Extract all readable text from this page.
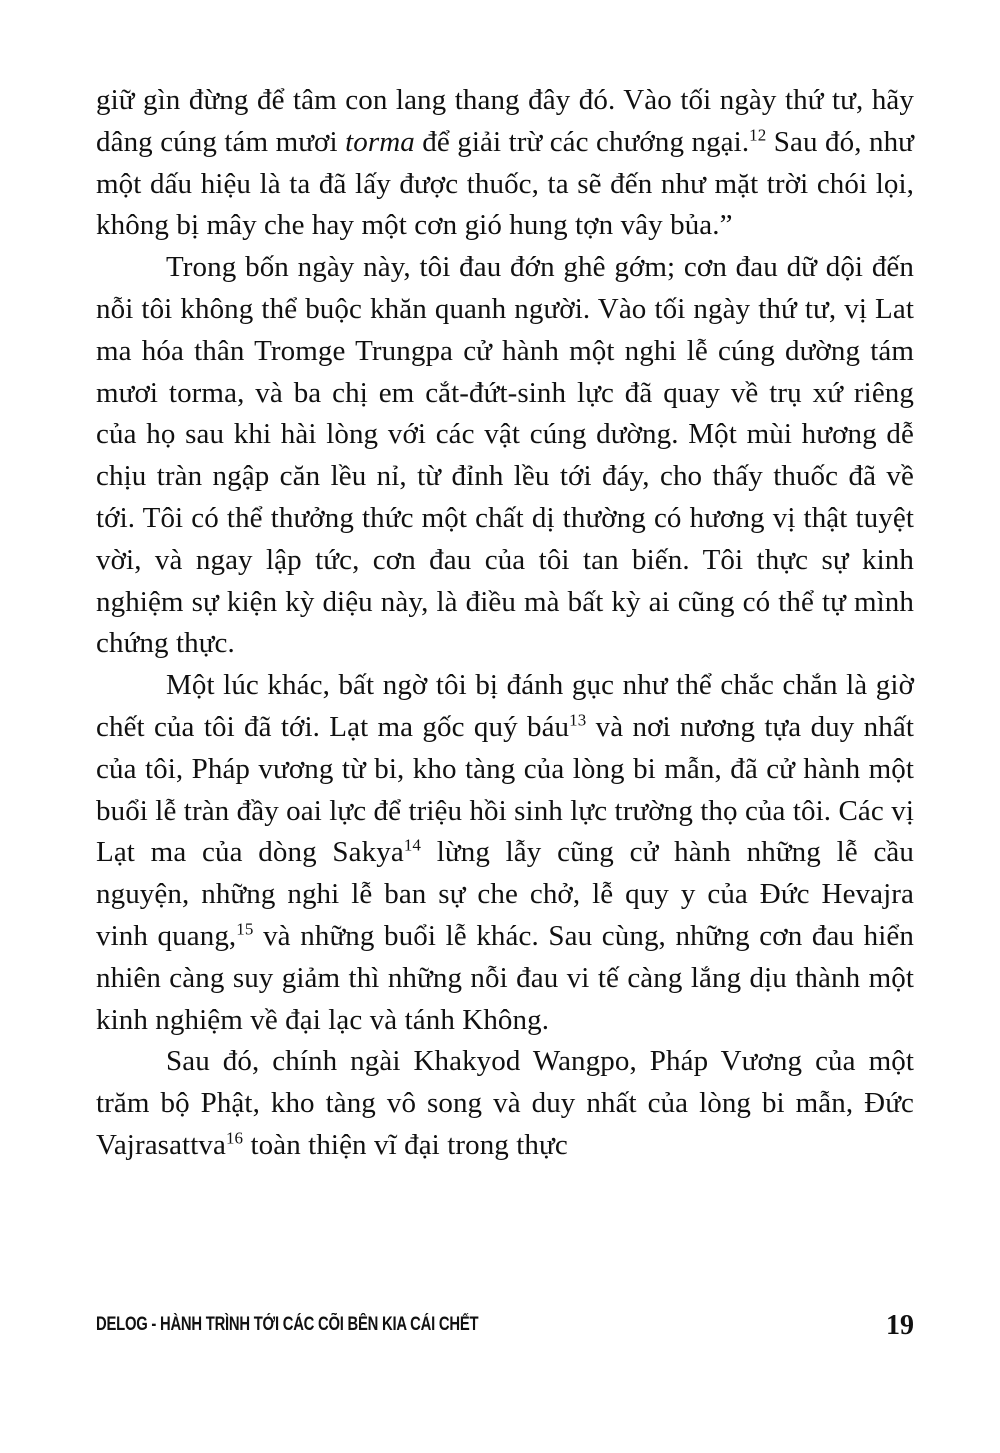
giữ gìn đừng để tâm con lang thang đây đó. Vào tối ngày thứ tư, hãy dâng cúng tám mươi torma để giải trừ các chướng ngại.$^{12}$ Sau đó, như một dấu hiệu là ta đã lấy được thuốc, ta sẽ đến như mặt trời chói lọi, không bị mây che hay một cơn gió hung tợn vây bủa.”

Trong bốn ngày này, tôi đau đớn ghê gớm; cơn đau dữ dội đến nỗi tôi không thể buộc khăn quanh người. Vào tối ngày thứ tư, vị Lat ma hóa thân Tromge Trungpa cử hành một nghi lễ cúng dường tám mươi torma, và ba chị em cắt-đứt-sinh lực đã quay về trụ xứ riêng của họ sau khi hài lòng với các vật cúng dường. Một mùi hương dễ chịu tràn ngập căn lều nỉ, từ đỉnh lều tới đáy, cho thấy thuốc đã về tới. Tôi có thể thưởng thức một chất dị thường có hương vị thật tuyệt vời, và ngay lập tức, cơn đau của tôi tan biến. Tôi thực sự kinh nghiệm sự kiện kỳ diệu này, là điều mà bất kỳ ai cũng có thể tự mình chứng thực.

Một lúc khác, bất ngờ tôi bị đánh gục như thể chắc chắn là giờ chết của tôi đã tới. Lạt ma gốc quý báu$^{13}$ và nơi nương tựa duy nhất của tôi, Pháp vương từ bi, kho tàng của lòng bi mẫn, đã cử hành một buổi lễ tràn đầy oai lực để triệu hồi sinh lực trường thọ của tôi. Các vị Lạt ma của dòng Sakya$^{14}$ lừng lẫy cũng cử hành những lễ cầu nguyện, những nghi lễ ban sự che chở, lễ quy y của Đức Hevajra vinh quang,$^{15}$ và những buổi lễ khác. Sau cùng, những cơn đau hiển nhiên càng suy giảm thì những nỗi đau vi tế càng lắng dịu thành một kinh nghiệm về đại lạc và tánh Không.

Sau đó, chính ngài Khakyod Wangpo, Pháp Vương của một trăm bộ Phật, kho tàng vô song và duy nhất của lòng bi mẫn, Đức Vajrasattva$^{16}$ toàn thiện vĩ đại trong thực

DELOG - HÀNH TRÌNH TỚI CÁC CÕI BÊN KIA CÁI CHẾT	19
